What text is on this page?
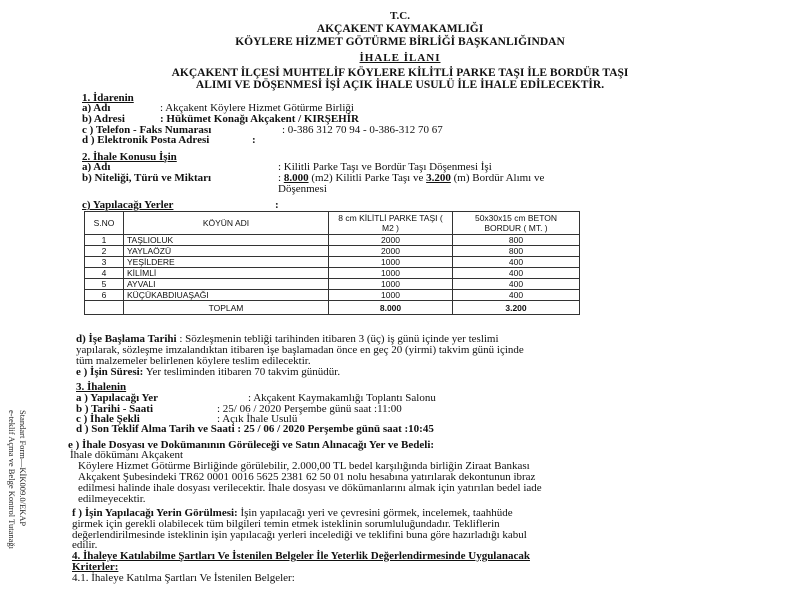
T.C.
AKÇAKENT KAYMAKAMLIĞI
KÖYLERE HİZMET GÖTÜRME BİRLİĞİ BAŞKANLIĞINDAN
İHALE İLANI
AKÇAKENT İLÇESİ MUHTELİF KÖYLERE KİLİTLİ PARKE TAŞI İLE BORDÜR TAŞI
ALIMI VE DÖŞENMESİ İŞİ AÇIK İHALE USULÜ İLE İHALE EDİLECEKTİR.
1. İdarenin
a) Adı	: Akçakent Köylere Hizmet Götürme Birliği
b) Adresi	: Hükümet Konağı Akçakent / KIRŞEHİR
c ) Telefon - Faks Numarası	: 0-386 312 70 94 - 0-386-312 70 67
d ) Elektronik Posta Adresi	:
2. İhale Konusu İşin
a) Adı	: Kilitli Parke Taşı ve Bordür Taşı Döşenmesi İşi
b) Niteliği, Türü ve Miktarı	: 8.000 (m2) Kilitli Parke Taşı ve 3.200 (m) Bordür Alımı ve
Döşenmesi
c) Yapılacağı Yerler	:
S.NO	KÖYÜN ADI	8 cm KİLİTLİ PARKE TAŞI ( M2 )	50x30x15 cm BETON BORDUR ( MT. )
1	TAŞLIOLUK	2000	800
2	YAYLAÖZÜ	2000	800
3	YEŞİLDERE	1000	400
4	KİLİMLİ	1000	400
5	AYVALI	1000	400
6	KÜÇÜKABDIUAŞAĞI	1000	400
	TOPLAM	8.000	3.200
d) İşe Başlama Tarihi : Sözleşmenin tebliği tarihinden itibaren 3 (üç) iş günü içinde yer teslimi
yapılarak, sözleşme imzalandıktan itibaren işe başlamadan önce en geç 20 (yirmi) takvim günü içinde
tüm malzemeler belirlenen köylere teslim edilecektir.
e ) İşin Süresi: Yer tesliminden itibaren 70 takvim günüdür.
3. İhalenin
a ) Yapılacağı Yer	: Akçakent Kaymakamlığı Toplantı Salonu
b ) Tarihi - Saati	: 25/ 06 / 2020 Perşembe günü saat :11:00
c ) İhale Şekli	: Açık İhale Usulü
d ) Son Teklif Alma Tarih ve Saati : 25 / 06 / 2020 Perşembe günü saat :10:45
e ) İhale Dosyası ve Dokümanının Görüleceği ve Satın Alınacağı Yer ve Bedeli:
İhale dökümanı Akçakent
Köylere Hizmet Götürme Birliğinde görülebilir, 2.000,00 TL bedel karşılığında birliğin Ziraat Bankası
Akçakent Şubesindeki TR62 0001 0016 5625 2381 62 50 01 nolu hesabına yatırılarak dekontunun ibraz
edilmesi halinde ihale dosyası verilecektir. İhale dosyası ve dökümanlarını almak için yatırılan bedel iade
edilmeyecektir.
f ) İşin Yapılacağı Yerin Görülmesi: İşin yapılacağı yeri ve çevresini görmek, incelemek, taahhüde
girmek için gerekli olabilecek tüm bilgileri temin etmek isteklinin sorumluluğundadır. Tekliflerin
değerlendirilmesinde isteklinin işin yapılacağı yerleri incelediği ve teklifini buna göre hazırladığı kabul
edilir.
4. İhaleye Katılabilme Şartları Ve İstenilen Belgeler İle Yeterlik Değerlendirmesinde Uygulanacak
Kriterler:
4.1. İhaleye Katılma Şartları Ve İstenilen Belgeler:
Standart Form—KİK009.0/EKAP
e-teklif Açma ve Belge Kontrol Tutanağı
